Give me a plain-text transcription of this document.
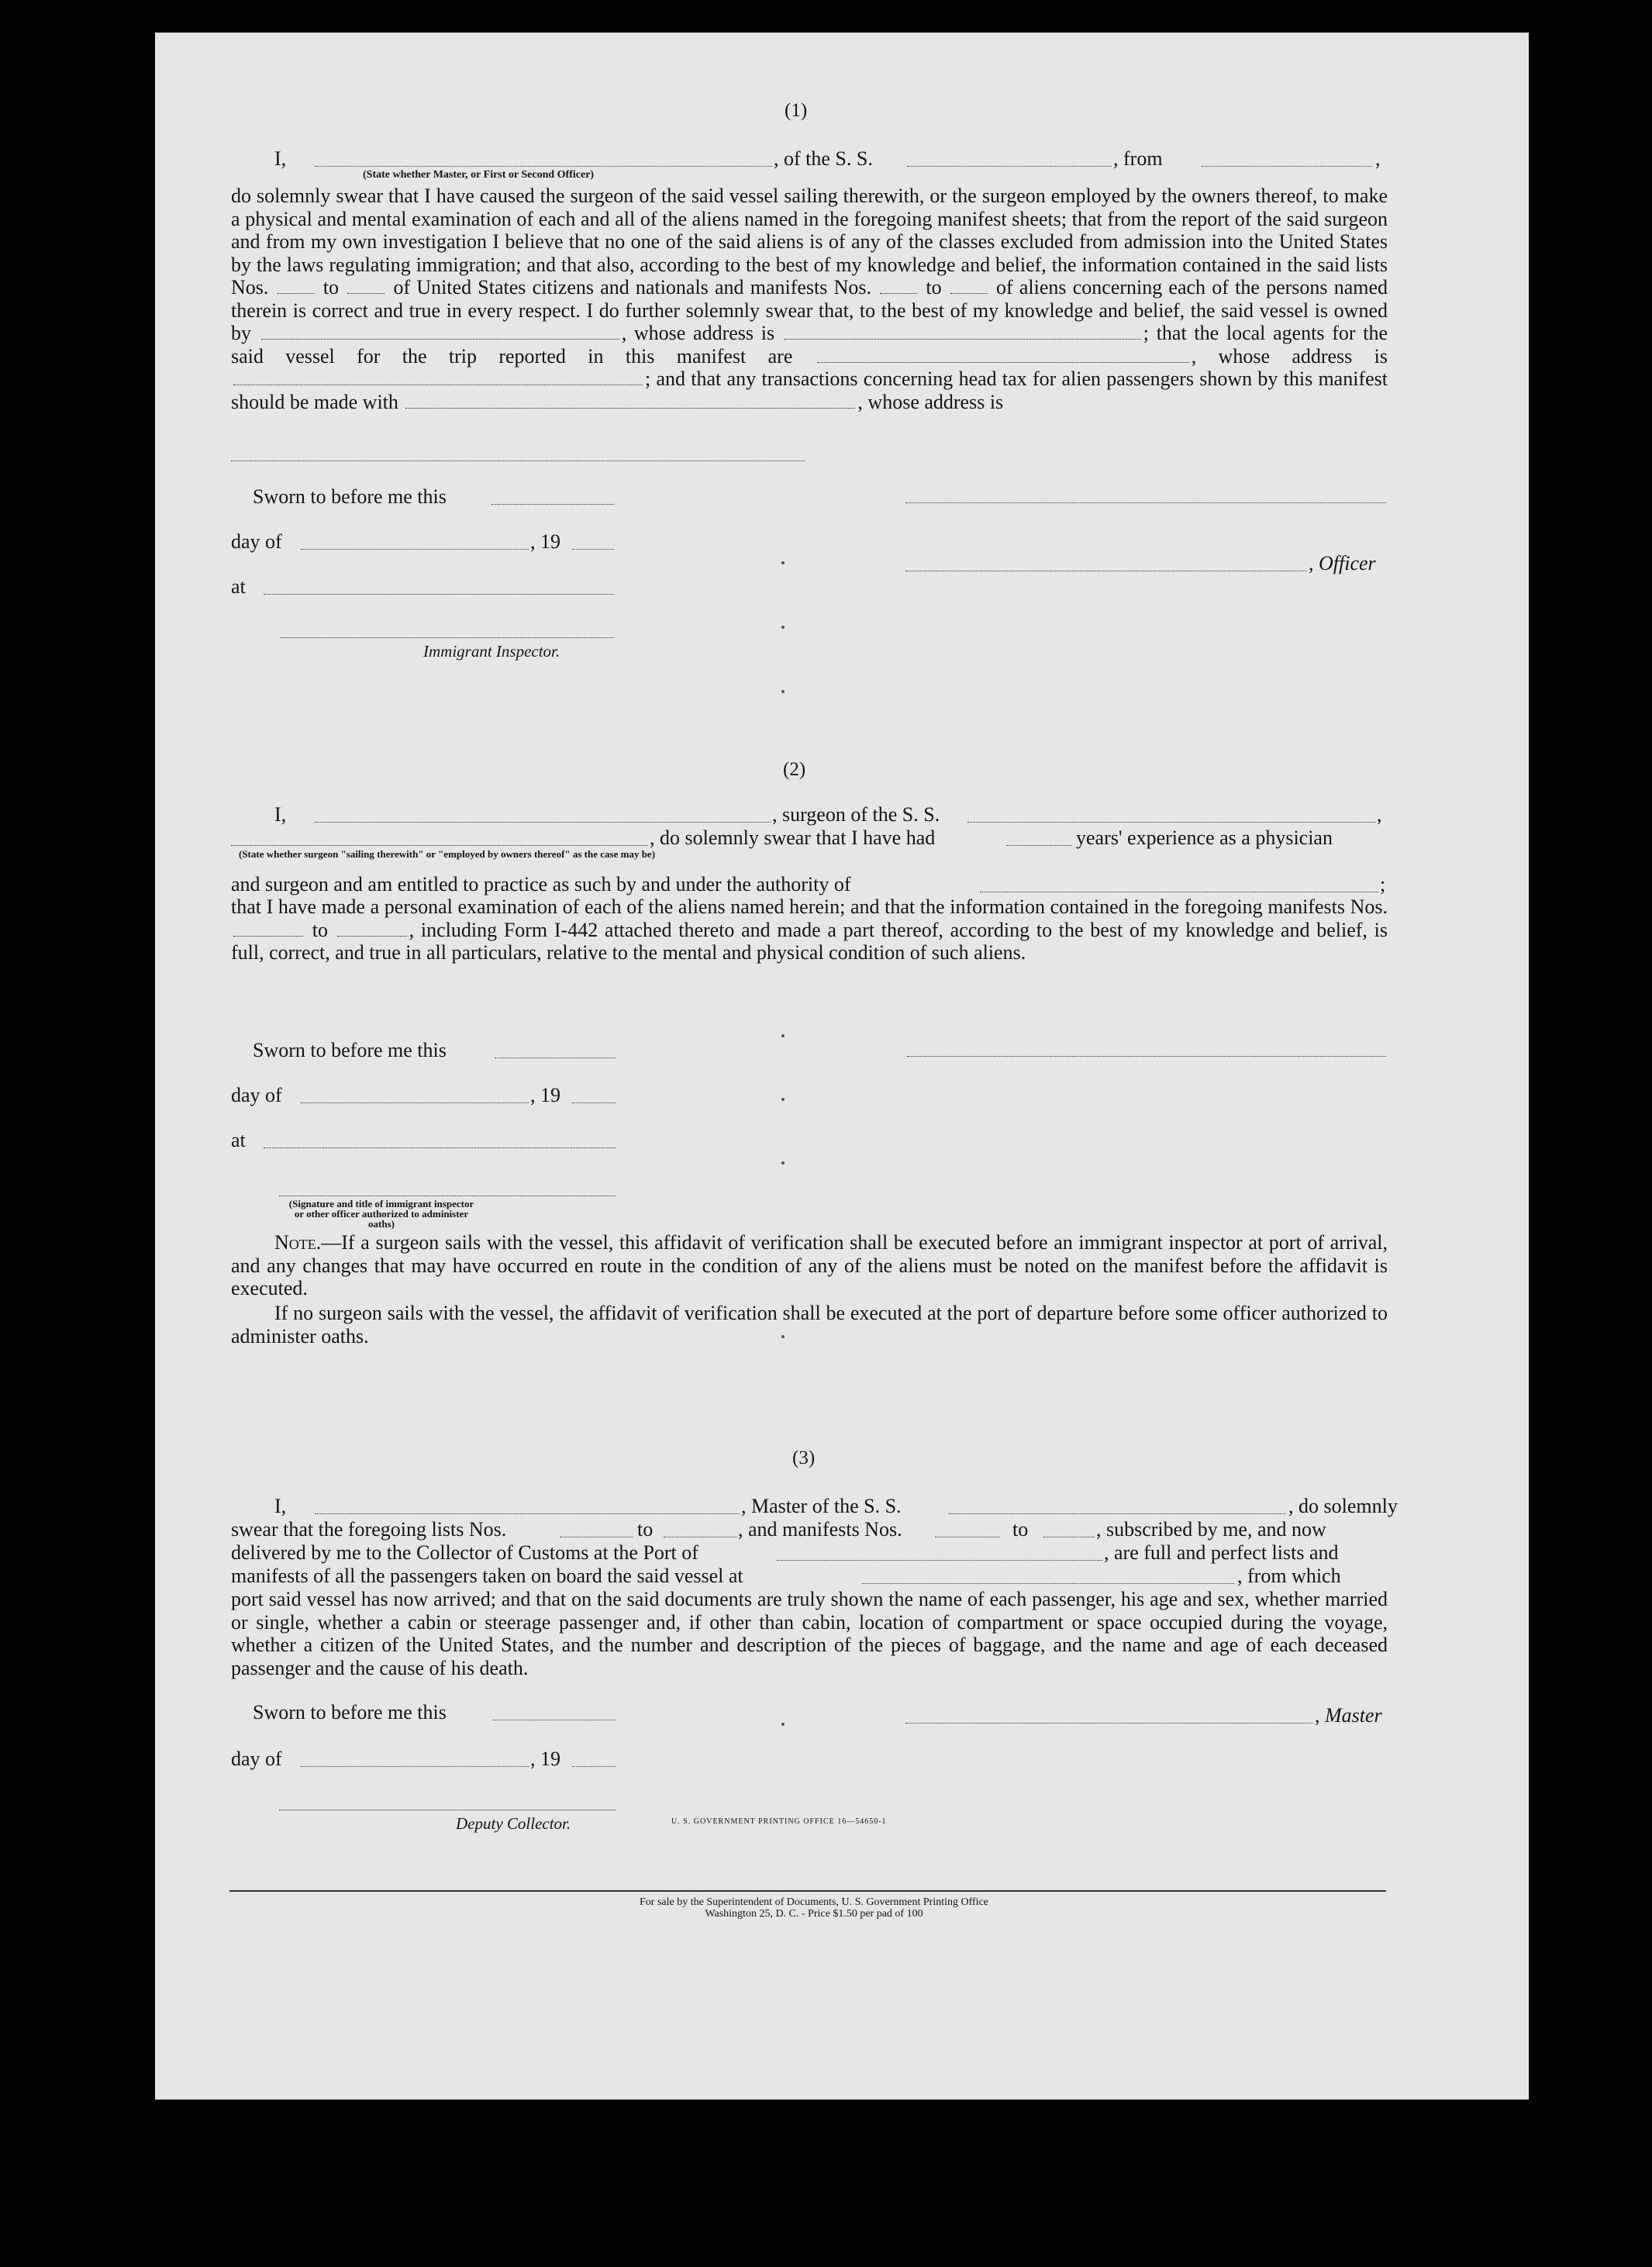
(1)
I,	, of the S. S.	, from	,
(State whether Master, or First or Second Officer)
do solemnly swear that I have caused the surgeon of the said vessel sailing therewith, or the surgeon employed by the owners thereof, to make a physical and mental examination of each and all of the aliens named in the foregoing manifest sheets; that from the report of the said surgeon and from my own investigation I believe that no one of the said aliens is of any of the classes excluded from admission into the United States by the laws regulating immigration; and that also, according to the best of my knowledge and belief, the information contained in the said lists Nos.	to	of United States citizens and nationals and manifests Nos.	to	of aliens concerning each of the persons named therein is correct and true in every respect. I do further solemnly swear that, to the best of my knowledge and belief, the said vessel is owned by	, whose address is	; that the local agents for the said vessel for the trip reported in this manifest are	, whose address is ; and that any transactions concerning head tax for alien passengers shown by this manifest should be made with	, whose address is
Sworn to before me this
day of	, 19
, Officer
at
Immigrant Inspector.
(2)
I,	, surgeon of the S. S.	,
, do solemnly swear that I have had	years' experience as a physician
(State whether surgeon "sailing therewith" or "employed by owners thereof" as the case may be)
and surgeon and am entitled to practice as such by and under the authority of	;
that I have made a personal examination of each of the aliens named herein; and that the information contained in the foregoing manifests Nos.  to	, including Form I-442 attached thereto and made a part thereof, according to the best of my knowledge and belief, is full, correct, and true in all particulars, relative to the mental and physical condition of such aliens.
Sworn to before me this
day of	, 19
at
(Signature and title of immigrant inspector or other officer authorized to administer oaths)
Note.—If a surgeon sails with the vessel, this affidavit of verification shall be executed before an immigrant inspector at port of arrival, and any changes that may have occurred en route in the condition of any of the aliens must be noted on the manifest before the affidavit is executed.
If no surgeon sails with the vessel, the affidavit of verification shall be executed at the port of departure before some officer authorized to administer oaths.
(3)
I,	, Master of the S. S.	, do solemnly
swear that the foregoing lists Nos.	to	, and manifests Nos.	to	, subscribed by me, and now
delivered by me to the Collector of Customs at the Port of	, are full and perfect lists and
manifests of all the passengers taken on board the said vessel at	, from which
port said vessel has now arrived; and that on the said documents are truly shown the name of each passenger, his age and sex, whether married or single, whether a cabin or steerage passenger and, if other than cabin, location of compartment or space occupied during the voyage, whether a citizen of the United States, and the number and description of the pieces of baggage, and the name and age of each deceased passenger and the cause of his death.
Sworn to before me this	, Master
day of	, 19
Deputy Collector.	U. S. GOVERNMENT PRINTING OFFICE 16—54650-1
For sale by the Superintendent of Documents, U. S. Government Printing Office
Washington 25, D. C. - Price $1.50 per pad of 100
